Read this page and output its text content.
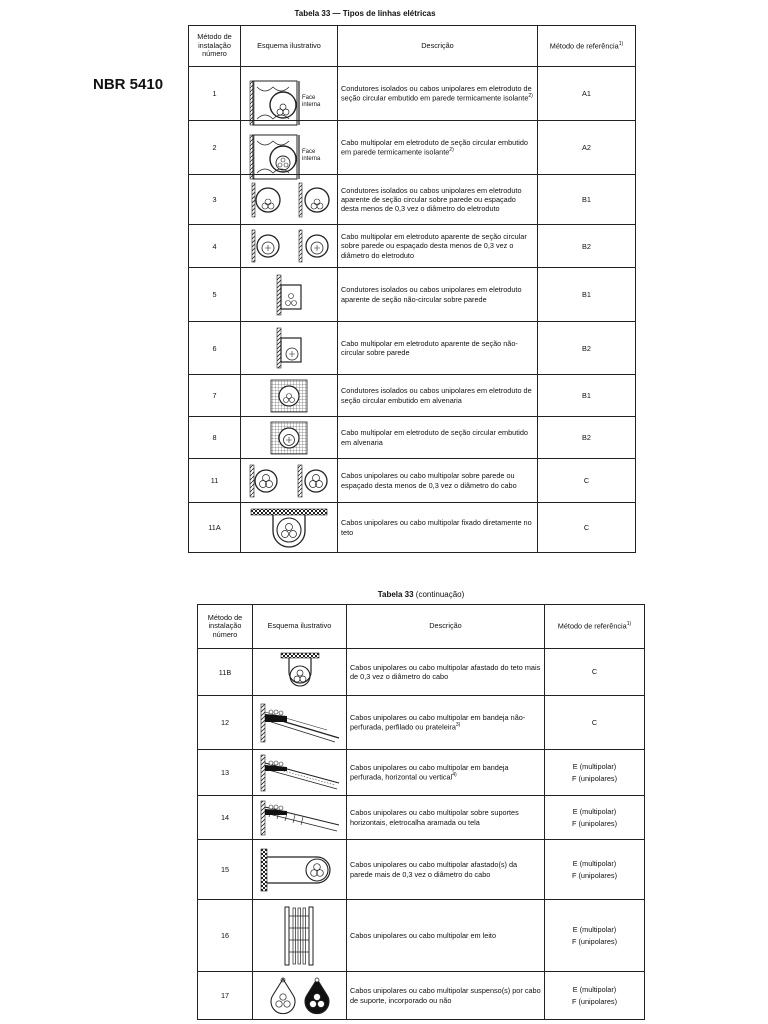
NBR 5410
Tabela 33 — Tipos de linhas elétricas
Método de instalação número	Esquema ilustrativo	Descrição	Método de referência$^{1)}$
1	Face interna	Condutores isolados ou cabos unipolares em eletroduto de seção circular embutido em parede termicamente isolante$^{2)}$	A1
2	Face interna	Cabo multipolar em eletroduto de seção circular embutido em parede termicamente isolante$^{2)}$	A2
3		Condutores isolados ou cabos unipolares em eletroduto aparente de seção circular sobre parede ou espaçado desta menos de 0,3 vez o diâmetro do eletroduto	B1
4		Cabo multipolar em eletroduto aparente de seção circular sobre parede ou espaçado desta menos de 0,3 vez o diâmetro do eletroduto	B2
5		Condutores isolados ou cabos unipolares em eletroduto aparente de seção não-circular sobre parede	B1
6		Cabo multipolar em eletroduto aparente de seção não-circular sobre parede	B2
7		Condutores isolados ou cabos unipolares em eletroduto de seção circular embutido em alvenaria	B1
8		Cabo multipolar em eletroduto de seção circular embutido em alvenaria	B2
11		Cabos unipolares ou cabo multipolar sobre parede ou espaçado desta menos de 0,3 vez o diâmetro do cabo	C
11A		Cabos unipolares ou cabo multipolar fixado diretamente no teto	C
Tabela 33 (continuação)
Método de instalação número	Esquema ilustrativo	Descrição	Método de referência$^{1)}$
11B		Cabos unipolares ou cabo multipolar afastado do teto mais de 0,3 vez o diâmetro do cabo	C

12		Cabos unipolares ou cabo multipolar em bandeja não-perfurada, perfilado ou prateleira$^{3)}$	C

13		Cabos unipolares ou cabo multipolar em bandeja perfurada, horizontal ou vertical$^{4)}$	E (multipolar)
F (unipolares)

14		Cabos unipolares ou cabo multipolar sobre suportes horizontais, eletrocalha aramada ou tela	E (multipolar)
F (unipolares)

15		Cabos unipolares ou cabo multipolar afastado(s) da parede mais de 0,3 vez o diâmetro do cabo	E (multipolar)
F (unipolares)

16		Cabos unipolares ou cabo multipolar em leito	E (multipolar)
F (unipolares)

17		Cabos unipolares ou cabo multipolar suspenso(s) por cabo de suporte, incorporado ou não	E (multipolar)
F (unipolares)
